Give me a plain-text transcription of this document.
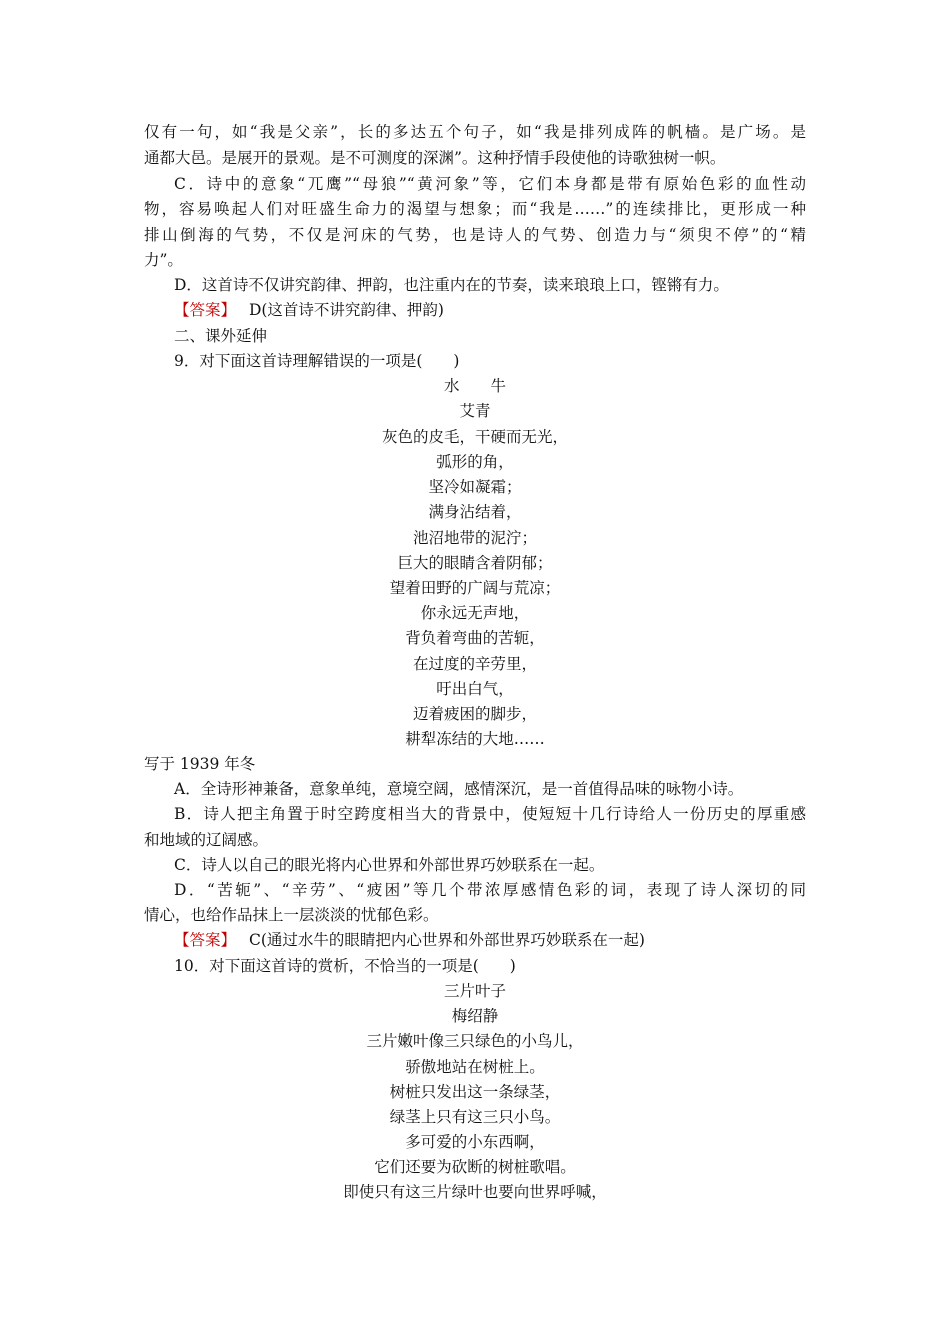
仅有一句，如“我是父亲”，长的多达五个句子，如“我是排列成阵的帆樯。是广场。是
通都大邑。是展开的景观。是不可测度的深渊”。这种抒情手段使他的诗歌独树一帜。
C．诗中的意象“兀鹰”“母狼”“黄河象”等，它们本身都是带有原始色彩的血性动
物，容易唤起人们对旺盛生命力的渴望与想象；而“我是……”的连续排比，更形成一种
排山倒海的气势，不仅是河床的气势，也是诗人的气势、创造力与“须臾不停”的“精
力”。
D．这首诗不仅讲究韵律、押韵，也注重内在的节奏，读来琅琅上口，铿锵有力。
【答案】 D(这首诗不讲究韵律、押韵)
二、课外延伸
9．对下面这首诗理解错误的一项是(　　)
水　　牛
艾青
灰色的皮毛，干硬而无光，
弧形的角，
坚冷如凝霜；
满身沾结着，
池沼地带的泥泞；
巨大的眼睛含着阴郁；
望着田野的广阔与荒凉；
你永远无声地，
背负着弯曲的苦轭，
在过度的辛劳里，
吁出白气，
迈着疲困的脚步，
耕犁冻结的大地……
写于 1939 年冬
A．全诗形神兼备，意象单纯，意境空阔，感情深沉，是一首值得品味的咏物小诗。
B．诗人把主角置于时空跨度相当大的背景中，使短短十几行诗给人一份历史的厚重感
和地域的辽阔感。
C．诗人以自己的眼光将内心世界和外部世界巧妙联系在一起。
D．“苦轭”、“辛劳”、“疲困”等几个带浓厚感情色彩的词，表现了诗人深切的同
情心，也给作品抹上一层淡淡的忧郁色彩。
【答案】 C(通过水牛的眼睛把内心世界和外部世界巧妙联系在一起)
10．对下面这首诗的赏析，不恰当的一项是(　　)
三片叶子
梅绍静
三片嫩叶像三只绿色的小鸟儿，
骄傲地站在树桩上。
树桩只发出这一条绿茎，
绿茎上只有这三只小鸟。
多可爱的小东西啊，
它们还要为砍断的树桩歌唱。
即使只有这三片绿叶也要向世界呼喊，
